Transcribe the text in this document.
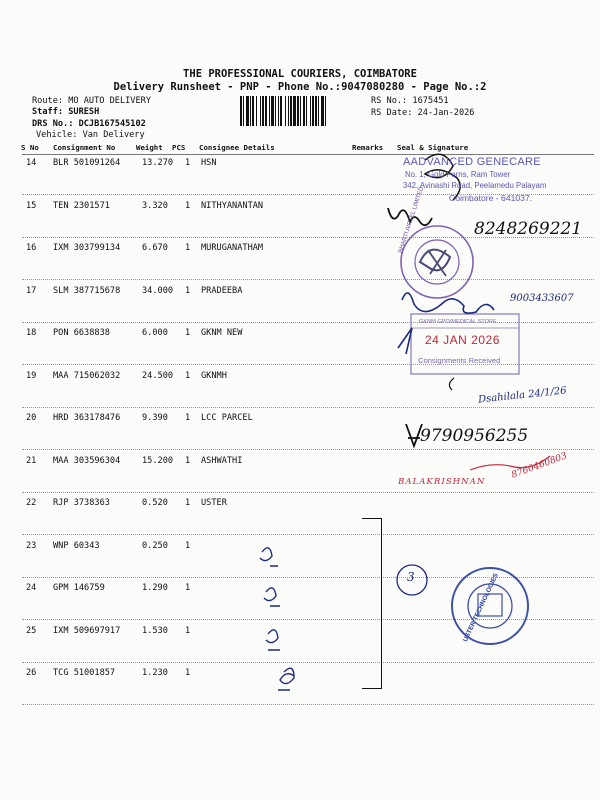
THE PROFESSIONAL COURIERS, COIMBATORE
Delivery Runsheet - PNP - Phone No.:9047080280 - Page No.:2
Route: MO AUTO DELIVERY
Staff: SURESH
DRS No.: DCJB167545102
Vehicle: Van Delivery
RS No.: 1675451
RS Date: 24-Jan-2026
S No Consignment No	Weight PCS Consignee Details	Remarks Seal & Signature
14 BLR 501091264	13.270 1 HSN
15 TEN 2301571	3.320 1 NITHYANANTAN
16 IXM 303799134	6.670 1 MURUGANATHAM
17 SLM 387715678	34.000 1 PRADEEBA
18 PON 6638838	6.000 1 GKNM NEW
19 MAA 715062032	24.500 1 GKNMH
20 HRD 363178476	9.390 1 LCC PARCEL
21 MAA 303596304	15.200 1 ASHWATHI
22 RJP 3738363	0.520 1 USTER
23 WNP 60343	0.250 1
24 GPM 146759	1.290 1
25 IXM 509697917	1.530 1
26 TCG 51001857	1.230 1
AADVANCED GENECARE
No. 1, Gold Ferns, Ram Tower
342, Avinashi Road, Peelamedu Palayam
Coimbatore - 641037.
GKNM GPO/MEDICAL STORE
24 JAN 2026
Consignments Received
BHARTI AIRTEL LIMITED
USTER TECHNOLOGIES
8248269221
9003433607
Dsahilala 24/1/26
9790956255
BALAKRISHNAN
8760460803
3
